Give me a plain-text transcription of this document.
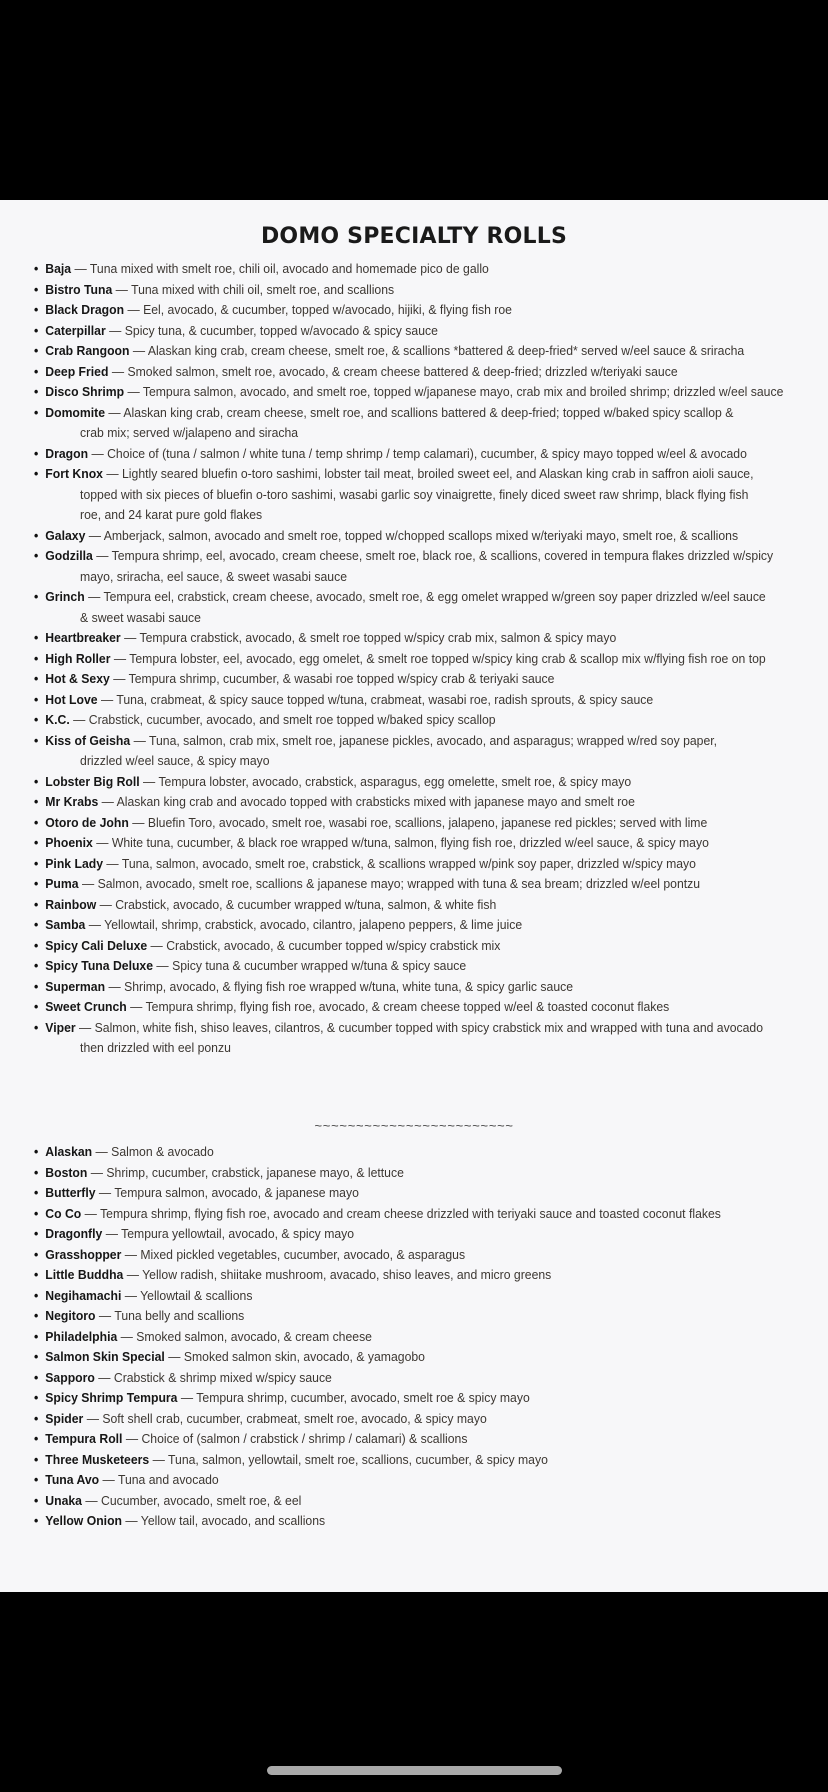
DOMO SPECIALTY ROLLS
• Baja — Tuna mixed with smelt roe, chili oil, avocado and homemade pico de gallo
• Bistro Tuna — Tuna mixed with chili oil, smelt roe, and scallions
• Black Dragon — Eel, avocado, & cucumber, topped w/avocado, hijiki, & flying fish roe
• Caterpillar — Spicy tuna, & cucumber, topped w/avocado & spicy sauce
• Crab Rangoon — Alaskan king crab, cream cheese, smelt roe, & scallions *battered & deep-fried* served w/eel sauce & sriracha
• Deep Fried — Smoked salmon, smelt roe, avocado, & cream cheese battered & deep-fried; drizzled w/teriyaki sauce
• Disco Shrimp — Tempura salmon, avocado, and smelt roe, topped w/japanese mayo, crab mix and broiled shrimp; drizzled w/eel sauce
• Domomite — Alaskan king crab, cream cheese, smelt roe, and scallions battered & deep-fried; topped w/baked spicy scallop &
crab mix; served w/jalapeno and siracha
• Dragon — Choice of (tuna / salmon / white tuna / temp shrimp / temp calamari), cucumber, & spicy mayo topped w/eel & avocado
• Fort Knox — Lightly seared bluefin o-toro sashimi, lobster tail meat, broiled sweet eel, and Alaskan king crab in saffron aioli sauce,
topped with six pieces of bluefin o-toro sashimi, wasabi garlic soy vinaigrette, finely diced sweet raw shrimp, black flying fish
roe, and 24 karat pure gold flakes
• Galaxy — Amberjack, salmon, avocado and smelt roe, topped w/chopped scallops mixed w/teriyaki mayo, smelt roe, & scallions
• Godzilla — Tempura shrimp, eel, avocado, cream cheese, smelt roe, black roe, & scallions, covered in tempura flakes drizzled w/spicy
mayo, sriracha, eel sauce, & sweet wasabi sauce
• Grinch — Tempura eel, crabstick, cream cheese, avocado, smelt roe, & egg omelet wrapped w/green soy paper drizzled w/eel sauce
& sweet wasabi sauce
• Heartbreaker — Tempura crabstick, avocado, & smelt roe topped w/spicy crab mix, salmon & spicy mayo
• High Roller — Tempura lobster, eel, avocado, egg omelet, & smelt roe topped w/spicy king crab & scallop mix w/flying fish roe on top
• Hot & Sexy — Tempura shrimp, cucumber, & wasabi roe topped w/spicy crab & teriyaki sauce
• Hot Love — Tuna, crabmeat, & spicy sauce topped w/tuna, crabmeat, wasabi roe, radish sprouts, & spicy sauce
• K.C. — Crabstick, cucumber, avocado, and smelt roe topped w/baked spicy scallop
• Kiss of Geisha — Tuna, salmon, crab mix, smelt roe, japanese pickles, avocado, and asparagus; wrapped w/red soy paper,
drizzled w/eel sauce, & spicy mayo
• Lobster Big Roll — Tempura lobster, avocado, crabstick, asparagus, egg omelette, smelt roe, & spicy mayo
• Mr Krabs — Alaskan king crab and avocado topped with crabsticks mixed with japanese mayo and smelt roe
• Otoro de John — Bluefin Toro, avocado, smelt roe, wasabi roe, scallions, jalapeno, japanese red pickles; served with lime
• Phoenix — White tuna, cucumber, & black roe wrapped w/tuna, salmon, flying fish roe, drizzled w/eel sauce, & spicy mayo
• Pink Lady — Tuna, salmon, avocado, smelt roe, crabstick, & scallions wrapped w/pink soy paper, drizzled w/spicy mayo
• Puma — Salmon, avocado, smelt roe, scallions & japanese mayo; wrapped with tuna & sea bream; drizzled w/eel pontzu
• Rainbow — Crabstick, avocado, & cucumber wrapped w/tuna, salmon, & white fish
• Samba — Yellowtail, shrimp, crabstick, avocado, cilantro, jalapeno peppers, & lime juice
• Spicy Cali Deluxe — Crabstick, avocado, & cucumber topped w/spicy crabstick mix
• Spicy Tuna Deluxe — Spicy tuna & cucumber wrapped w/tuna & spicy sauce
• Superman — Shrimp, avocado, & flying fish roe wrapped w/tuna, white tuna, & spicy garlic sauce
• Sweet Crunch — Tempura shrimp, flying fish roe, avocado, & cream cheese topped w/eel & toasted coconut flakes
• Viper — Salmon, white fish, shiso leaves, cilantros, & cucumber topped with spicy crabstick mix and wrapped with tuna and avocado
then drizzled with eel ponzu
~~~~~~~~~~~~~~~~~~~~~~~~
• Alaskan — Salmon & avocado
• Boston — Shrimp, cucumber, crabstick, japanese mayo, & lettuce
• Butterfly — Tempura salmon, avocado, & japanese mayo
• Co Co — Tempura shrimp, flying fish roe, avocado and cream cheese drizzled with teriyaki sauce and toasted coconut flakes
• Dragonfly — Tempura yellowtail, avocado, & spicy mayo
• Grasshopper — Mixed pickled vegetables, cucumber, avocado, & asparagus
• Little Buddha — Yellow radish, shiitake mushroom, avacado, shiso leaves, and micro greens
• Negihamachi — Yellowtail & scallions
• Negitoro — Tuna belly and scallions
• Philadelphia — Smoked salmon, avocado, & cream cheese
• Salmon Skin Special — Smoked salmon skin, avocado, & yamagobo
• Sapporo — Crabstick & shrimp mixed w/spicy sauce
• Spicy Shrimp Tempura — Tempura shrimp, cucumber, avocado, smelt roe & spicy mayo
• Spider — Soft shell crab, cucumber, crabmeat, smelt roe, avocado, & spicy mayo
• Tempura Roll — Choice of (salmon / crabstick / shrimp / calamari) & scallions
• Three Musketeers — Tuna, salmon, yellowtail, smelt roe, scallions, cucumber, & spicy mayo
• Tuna Avo — Tuna and avocado
• Unaka — Cucumber, avocado, smelt roe, & eel
• Yellow Onion — Yellow tail, avocado, and scallions
